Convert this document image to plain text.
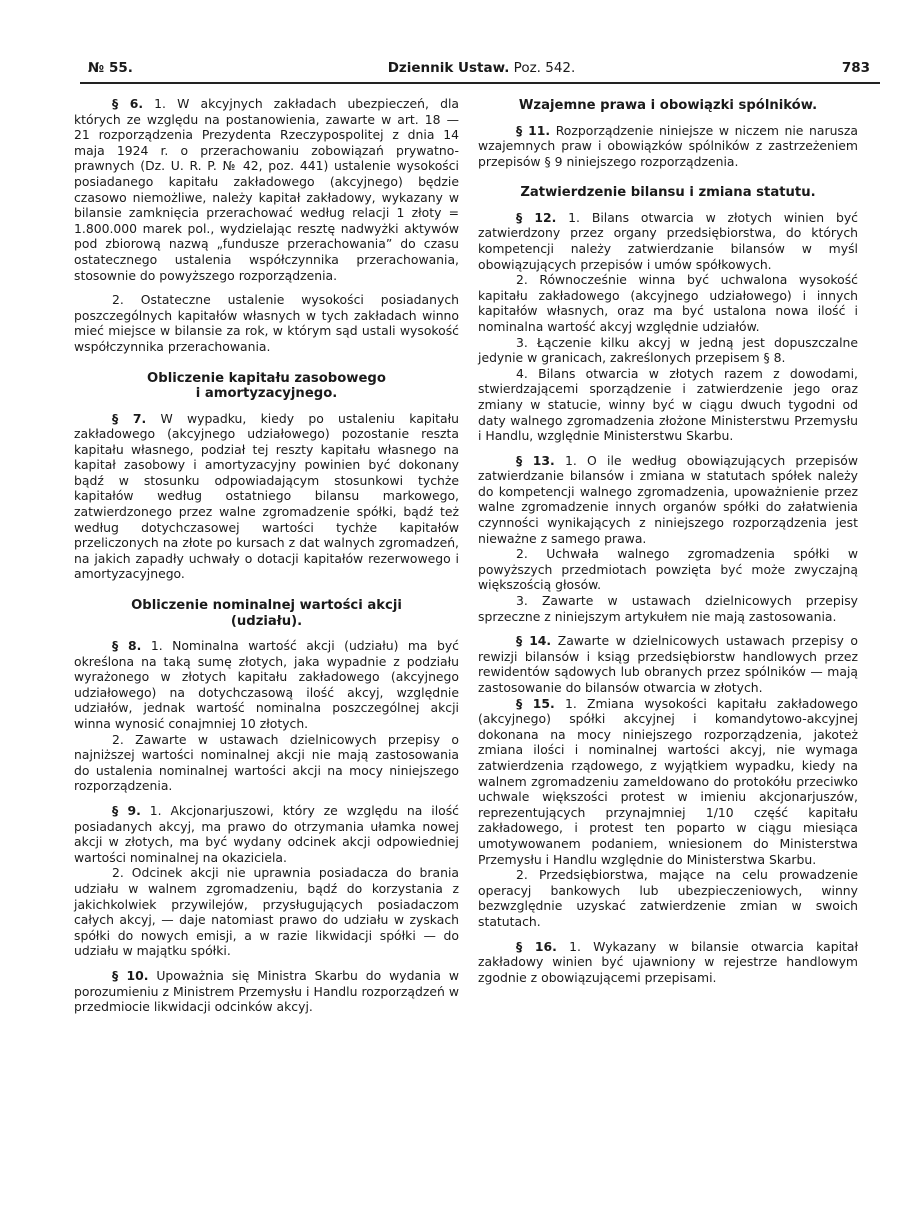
№ 55.	Dziennik Ustaw. Poz. 542.	783

§ 6. 1. W akcyjnych zakładach ubezpieczeń, dla których ze względu na postanowienia, zawarte w art. 18 — 21 rozporządzenia Prezydenta Rzeczypospolitej z dnia 14 maja 1924 r. o przerachowaniu zobowiązań prywatno-prawnych (Dz. U. R. P. № 42, poz. 441) ustalenie wysokości posiadanego kapitału zakładowego (akcyjnego) będzie czasowo niemożliwe, należy kapitał zakładowy, wykazany w bilansie zamknięcia przerachować według relacji 1 złoty = 1.800.000 marek pol., wydzielając resztę nadwyżki aktywów pod zbiorową nazwą „fundusze przerachowania” do czasu ostatecznego ustalenia współczynnika przerachowania, stosownie do powyższego rozporządzenia.

2. Ostateczne ustalenie wysokości posiadanych poszczególnych kapitałów własnych w tych zakładach winno mieć miejsce w bilansie za rok, w którym sąd ustali wysokość współczynnika przerachowania.

Obliczenie kapitału zasobowego
i amortyzacyjnego.

§ 7. W wypadku, kiedy po ustaleniu kapitału zakładowego (akcyjnego udziałowego) pozostanie reszta kapitału własnego, podział tej reszty kapitału własnego na kapitał zasobowy i amortyzacyjny powinien być dokonany bądź w stosunku odpowiadającym stosunkowi tychże kapitałów według ostatniego bilansu markowego, zatwierdzonego przez walne zgromadzenie spółki, bądź też według dotychczasowej wartości tychże kapitałów przeliczonych na złote po kursach z dat walnych zgromadzeń, na jakich zapadły uchwały o dotacji kapitałów rezerwowego i amortyzacyjnego.

Obliczenie nominalnej wartości akcji
(udziału).

§ 8. 1. Nominalna wartość akcji (udziału) ma być określona na taką sumę złotych, jaka wypadnie z podziału wyrażonego w złotych kapitału zakładowego (akcyjnego udziałowego) na dotychczasową ilość akcyj, względnie udziałów, jednak wartość nominalna poszczególnej akcji winna wynosić conajmniej 10 złotych.

2. Zawarte w ustawach dzielnicowych przepisy o najniższej wartości nominalnej akcji nie mają zastosowania do ustalenia nominalnej wartości akcji na mocy niniejszego rozporządzenia.

§ 9. 1. Akcjonarjuszowi, który ze względu na ilość posiadanych akcyj, ma prawo do otrzymania ułamka nowej akcji w złotych, ma być wydany odcinek akcji odpowiedniej wartości nominalnej na okaziciela.

2. Odcinek akcji nie uprawnia posiadacza do brania udziału w walnem zgromadzeniu, bądź do korzystania z jakichkolwiek przywilejów, przysługujących posiadaczom całych akcyj, — daje natomiast prawo do udziału w zyskach spółki do nowych emisji, a w razie likwidacji spółki — do udziału w majątku spółki.

§ 10. Upoważnia się Ministra Skarbu do wydania w porozumieniu z Ministrem Przemysłu i Handlu rozporządzeń w przedmiocie likwidacji odcinków akcyj.

Wzajemne prawa i obowiązki spólników.

§ 11. Rozporządzenie niniejsze w niczem nie narusza wzajemnych praw i obowiązków spólników z zastrzeżeniem przepisów § 9 niniejszego rozporządzenia.

Zatwierdzenie bilansu i zmiana statutu.

§ 12. 1. Bilans otwarcia w złotych winien być zatwierdzony przez organy przedsiębiorstwa, do których kompetencji należy zatwierdzanie bilansów w myśl obowiązujących przepisów i umów spółkowych.

2. Równocześnie winna być uchwalona wysokość kapitału zakładowego (akcyjnego udziałowego) i innych kapitałów własnych, oraz ma być ustalona nowa ilość i nominalna wartość akcyj względnie udziałów.

3. Łączenie kilku akcyj w jedną jest dopuszczalne jedynie w granicach, zakreślonych przepisem § 8.

4. Bilans otwarcia w złotych razem z dowodami, stwierdzającemi sporządzenie i zatwierdzenie jego oraz zmiany w statucie, winny być w ciągu dwuch tygodni od daty walnego zgromadzenia złożone Ministerstwu Przemysłu i Handlu, względnie Ministerstwu Skarbu.

§ 13. 1. O ile według obowiązujących przepisów zatwierdzanie bilansów i zmiana w statutach spółek należy do kompetencji walnego zgromadzenia, upoważnienie przez walne zgromadzenie innych organów spółki do załatwienia czynności wynikających z niniejszego rozporządzenia jest nieważne z samego prawa.

2. Uchwała walnego zgromadzenia spółki w powyższych przedmiotach powzięta być może zwyczajną większością głosów.

3. Zawarte w ustawach dzielnicowych przepisy sprzeczne z niniejszym artykułem nie mają zastosowania.

§ 14. Zawarte w dzielnicowych ustawach przepisy o rewizji bilansów i ksiąg przedsiębiorstw handlowych przez rewidentów sądowych lub obranych przez spólników — mają zastosowanie do bilansów otwarcia w złotych.

§ 15. 1. Zmiana wysokości kapitału zakładowego (akcyjnego) spółki akcyjnej i komandytowo-akcyjnej dokonana na mocy niniejszego rozporządzenia, jakoteż zmiana ilości i nominalnej wartości akcyj, nie wymaga zatwierdzenia rządowego, z wyjątkiem wypadku, kiedy na walnem zgromadzeniu zameldowano do protokółu przeciwko uchwale większości protest w imieniu akcjonarjuszów, reprezentujących przynajmniej 1/10 część kapitału zakładowego, i protest ten poparto w ciągu miesiąca umotywowanem podaniem, wniesionem do Ministerstwa Przemysłu i Handlu względnie do Ministerstwa Skarbu.

2. Przedsiębiorstwa, mające na celu prowadzenie operacyj bankowych lub ubezpieczeniowych, winny bezwzględnie uzyskać zatwierdzenie zmian w swoich statutach.

§ 16. 1. Wykazany w bilansie otwarcia kapitał zakładowy winien być ujawniony w rejestrze handlowym zgodnie z obowiązującemi przepisami.
